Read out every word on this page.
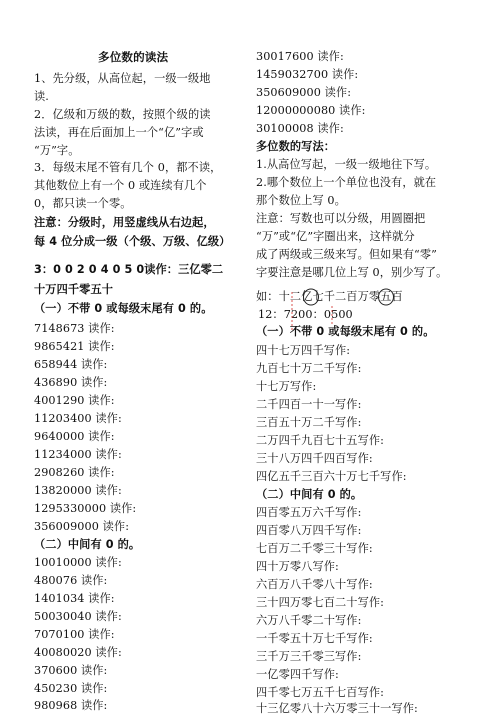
多位数的读法
1、先分级，从高位起，一级一级地
读.
2．亿级和万级的数，按照个级的读
法读，再在后面加上一个“亿”字或
“万”字。
3．每级末尾不管有几个 0，都不读，
其他数位上有一个 0 或连续有几个
0，都只读一个零。
注意：分级时，用竖虚线从右边起，
每 4 位分成一级（个级、万级、亿级）
3：0 0 2 0 4 0 5 0读作：三亿零二
十万四千零五十
（一）不带 0 或每级末尾有 0 的。
7148673 读作:
9865421 读作:
658944 读作:
436890 读作:
4001290 读作:
11203400 读作:
9640000 读作:
11234000 读作:
2908260 读作:
13820000 读作:
1295330000 读作:
356009000 读作:
（二）中间有 0 的。
10010000 读作:
480076 读作:
1401034 读作:
50030040 读作:
7070100 读作:
40080020 读作:
370600 读作:
450230 读作:
980968 读作:
30017600 读作:
1459032700 读作:
350609000 读作:
12000000080 读作:
30100008 读作:
多位数的写法：
1.从高位写起，一级一级地往下写。
2.哪个数位上一个单位也没有，就在
那个数位上写 0。
注意：写数也可以分级，用圆圈把
“万”或“亿”字圈出来，这样就分
成了两级或三级来写。但如果有“零”
字要注意是哪几位上写 0，别少写了。
如：十二亿七千二百万零五百
12：7200：0500
（一）不带 0 或每级末尾有 0 的。
四十七万四千写作:
九百七十万二千写作:
十七万写作:
二千四百一十一写作:
三百五十万二千写作:
二万四千九百七十五写作:
三十八万四千四百写作:
四亿五千三百六十万七千写作:
（二）中间有 0 的。
四百零五万六千写作:
四百零八万四千写作:
七百万二千零三十写作:
四十万零八写作:
六百万八千零八十写作:
三十四万零七百二十写作:
六万八千零二十写作:
一千零五十万七千写作:
三千万三千零三写作:
一亿零四千写作:
四千零七万五千七百写作:
十三亿零八十六万零三十一写作:
